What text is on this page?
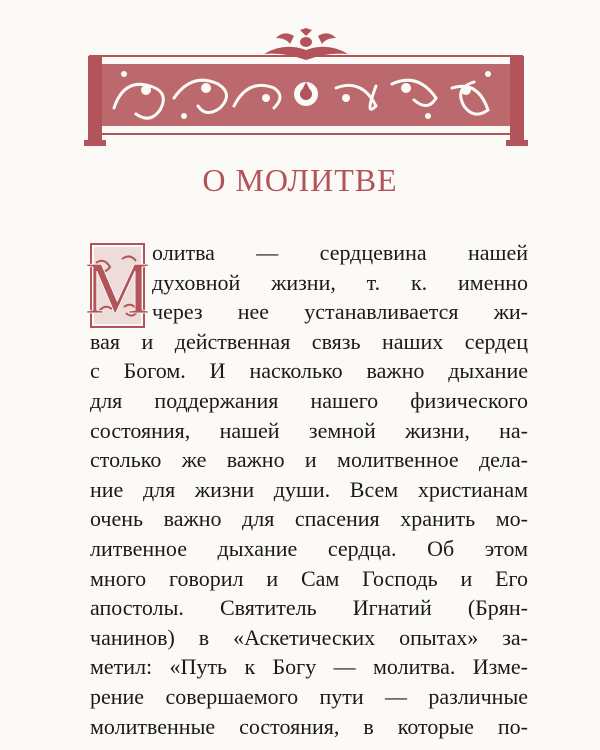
О МОЛИТВЕ
М олитва — сердцевина нашей
духовной жизни, т. к. именно
через нее устанавливается жи-
вая и действенная связь наших сердец
с Богом. И насколько важно дыхание
для поддержания нашего физического
состояния, нашей земной жизни, на-
столько же важно и молитвенное дела-
ние для жизни души. Всем христианам
очень важно для спасения хранить мо-
литвенное дыхание сердца. Об этом
много говорил и Сам Господь и Его
апостолы. Святитель Игнатий (Брян-
чанинов) в «Аскетических опытах» за-
метил: «Путь к Богу — молитва. Изме-
рение совершаемого пути — различные
молитвенные состояния, в которые по-
